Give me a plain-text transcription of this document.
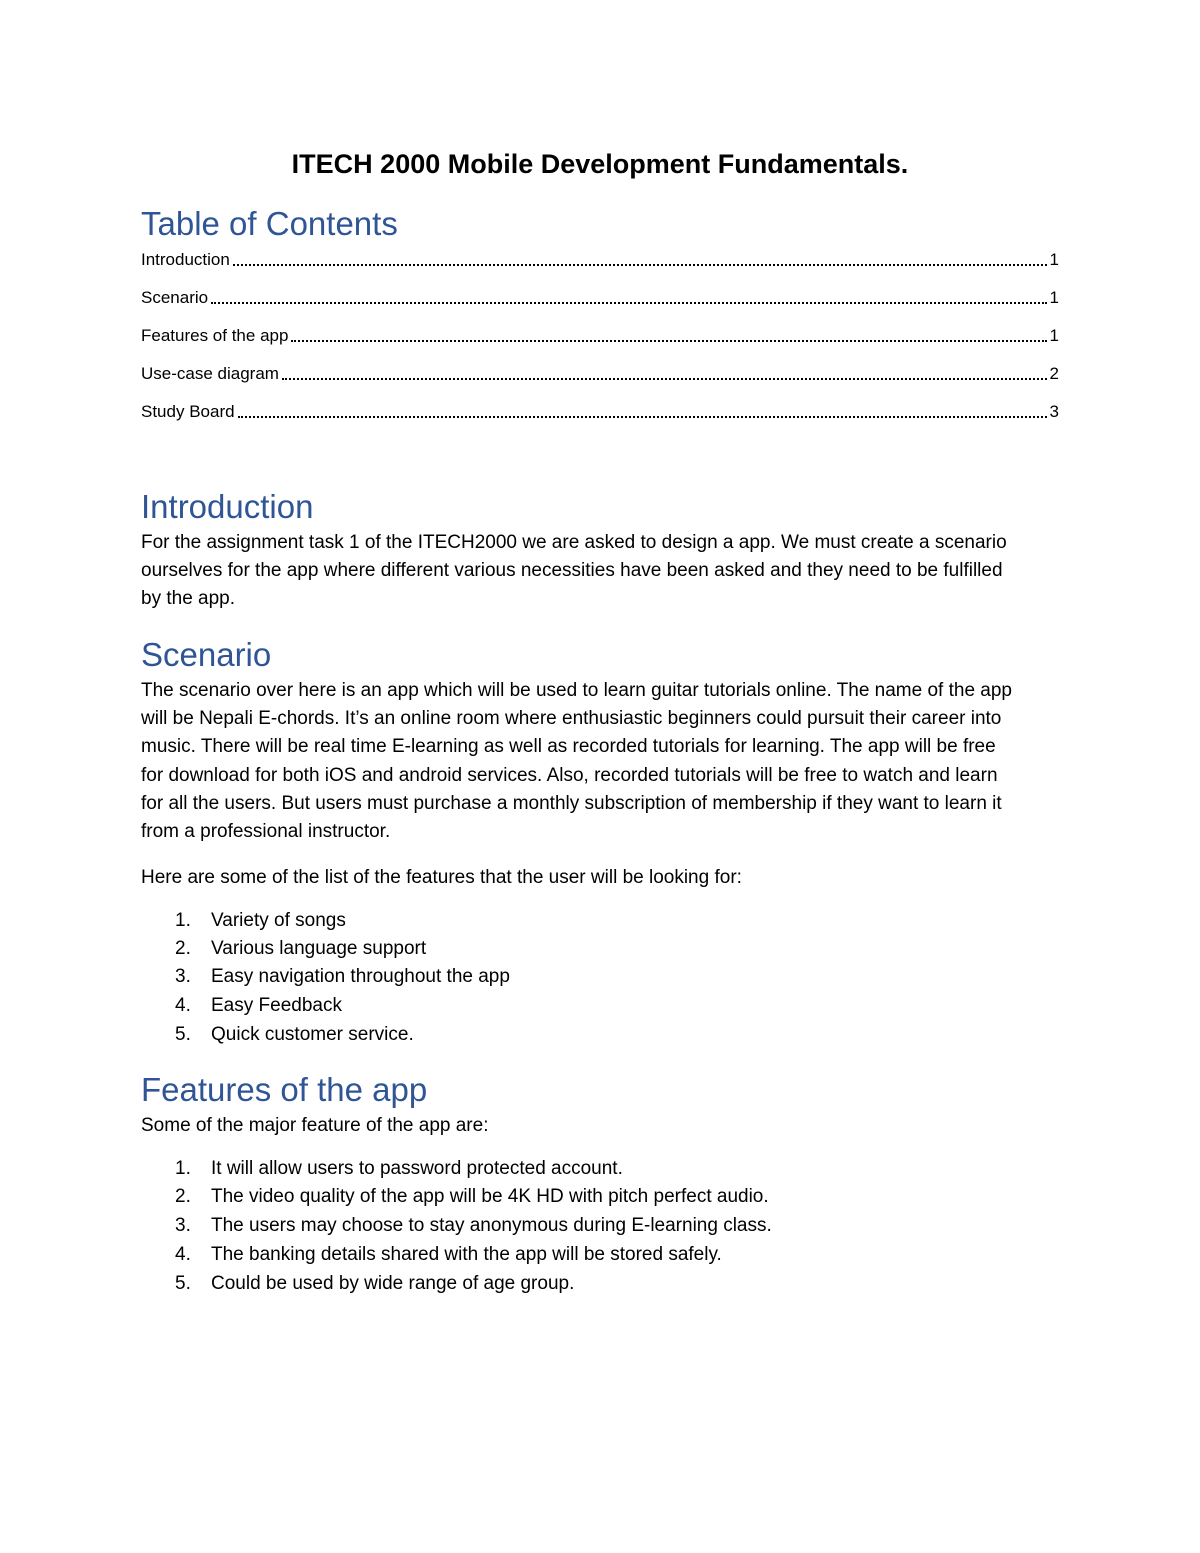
ITECH 2000 Mobile Development Fundamentals.
Table of Contents
Introduction	1
Scenario	1
Features of the app	1
Use-case diagram	2
Study Board	3
Introduction

For the assignment task 1 of the ITECH2000 we are asked to design a app. We must create a scenario
ourselves for the app where different various necessities have been asked and they need to be fulfilled
by the app.

Scenario

The scenario over here is an app which will be used to learn guitar tutorials online. The name of the app
will be Nepali E-chords. It’s an online room where enthusiastic beginners could pursuit their career into
music. There will be real time E-learning as well as recorded tutorials for learning. The app will be free
for download for both iOS and android services. Also, recorded tutorials will be free to watch and learn
for all the users. But users must purchase a monthly subscription of membership if they want to learn it
from a professional instructor.

Here are some of the list of the features that the user will be looking for:

1. Variety of songs
2. Various language support
3. Easy navigation throughout the app
4. Easy Feedback
5. Quick customer service.
Features of the app

Some of the major feature of the app are:

1. It will allow users to password protected account.
2. The video quality of the app will be 4K HD with pitch perfect audio.
3. The users may choose to stay anonymous during E-learning class.
4. The banking details shared with the app will be stored safely.
5. Could be used by wide range of age group.
